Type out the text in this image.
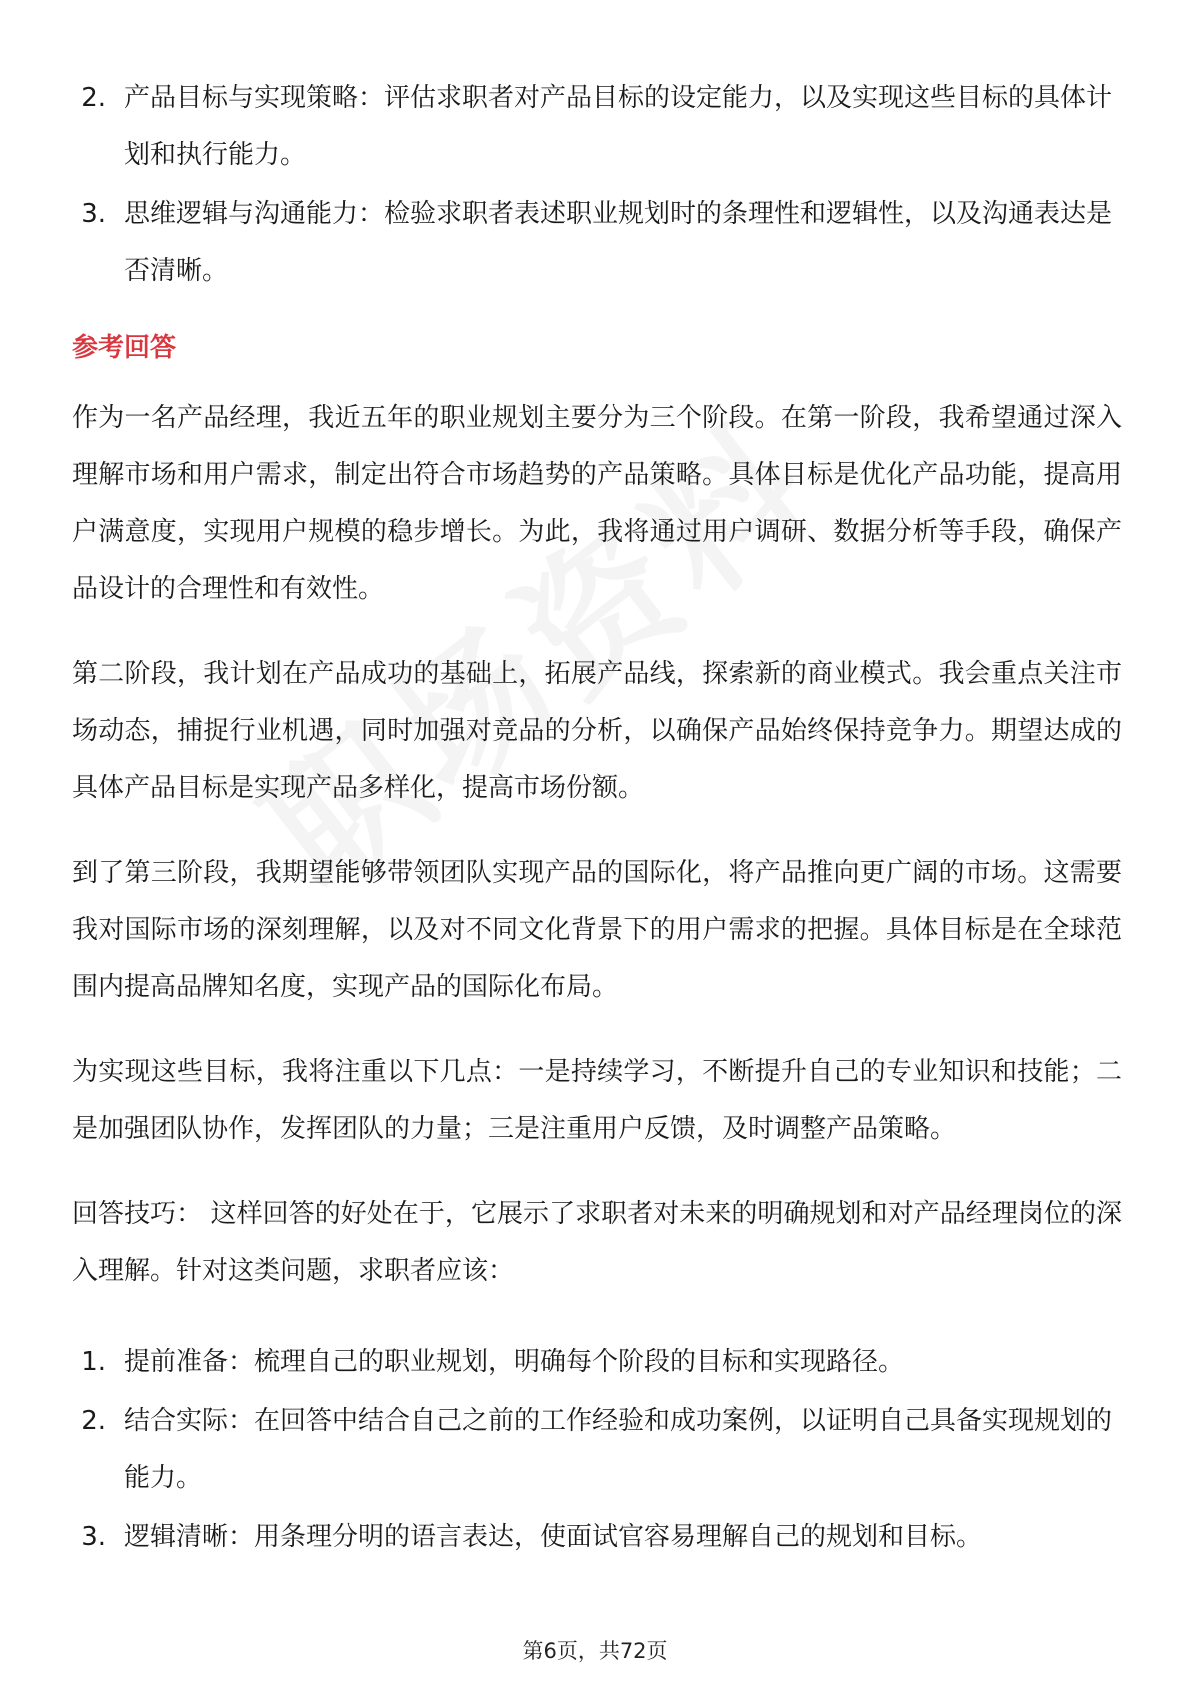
2. 产品目标与实现策略：评估求职者对产品目标的设定能力，以及实现这些目标的具体计划和执行能力。
3. 思维逻辑与沟通能力：检验求职者表述职业规划时的条理性和逻辑性，以及沟通表达是否清晰。
参考回答

作为一名产品经理，我近五年的职业规划主要分为三个阶段。在第一阶段，我希望通过深入理解市场和用户需求，制定出符合市场趋势的产品策略。具体目标是优化产品功能，提高用户满意度，实现用户规模的稳步增长。为此，我将通过用户调研、数据分析等手段，确保产品设计的合理性和有效性。

第二阶段，我计划在产品成功的基础上，拓展产品线，探索新的商业模式。我会重点关注市场动态，捕捉行业机遇，同时加强对竞品的分析，以确保产品始终保持竞争力。期望达成的具体产品目标是实现产品多样化，提高市场份额。

到了第三阶段，我期望能够带领团队实现产品的国际化，将产品推向更广阔的市场。这需要我对国际市场的深刻理解，以及对不同文化背景下的用户需求的把握。具体目标是在全球范围内提高品牌知名度，实现产品的国际化布局。

为实现这些目标，我将注重以下几点：一是持续学习，不断提升自己的专业知识和技能；二是加强团队协作，发挥团队的力量；三是注重用户反馈，及时调整产品策略。

回答技巧： 这样回答的好处在于，它展示了求职者对未来的明确规划和对产品经理岗位的深入理解。针对这类问题，求职者应该：

1. 提前准备：梳理自己的职业规划，明确每个阶段的目标和实现路径。
2. 结合实际：在回答中结合自己之前的工作经验和成功案例，以证明自己具备实现规划的能力。
3. 逻辑清晰：用条理分明的语言表达，使面试官容易理解自己的规划和目标。
第6页，共72页
